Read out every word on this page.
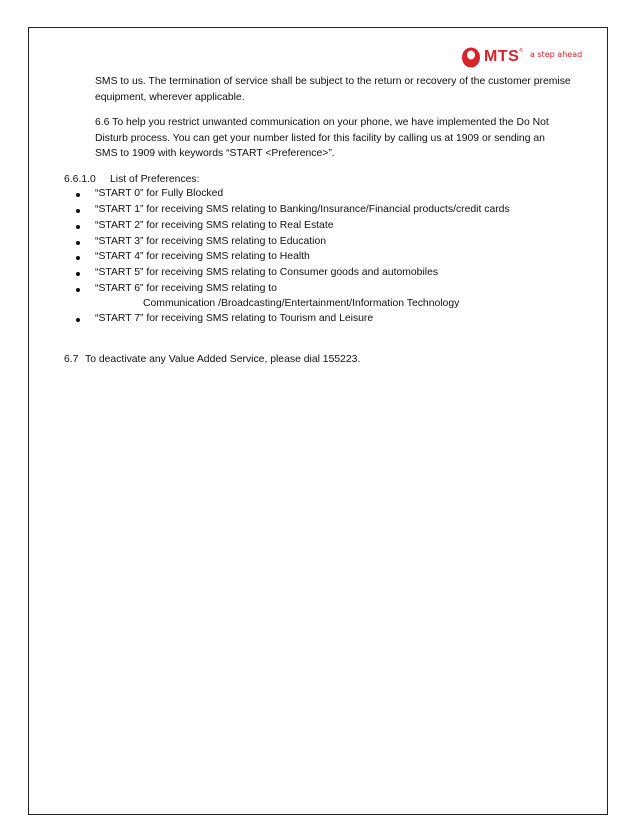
MTS ® a step ahead
SMS to us. The termination of service shall be subject to the return or recovery of the customer premise
equipment, wherever applicable.
6.6 To help you restrict unwanted communication on your phone, we have implemented the Do Not
Disturb process. You can get your number listed for this facility by calling us at 1909 or sending an
SMS to 1909 with keywords “START <Preference>”.
6.6.1.0 List of Preferences:
“START 0” for Fully Blocked
“START 1” for receiving SMS relating to Banking/Insurance/Financial products/credit cards
“START 2” for receiving SMS relating to Real Estate
“START 3” for receiving SMS relating to Education
“START 4” for receiving SMS relating to Health
“START 5” for receiving SMS relating to Consumer goods and automobiles
“START 6” for receiving SMS relating to
Communication /Broadcasting/Entertainment/Information Technology
“START 7” for receiving SMS relating to Tourism and Leisure
6.7 To deactivate any Value Added Service, please dial 155223.
